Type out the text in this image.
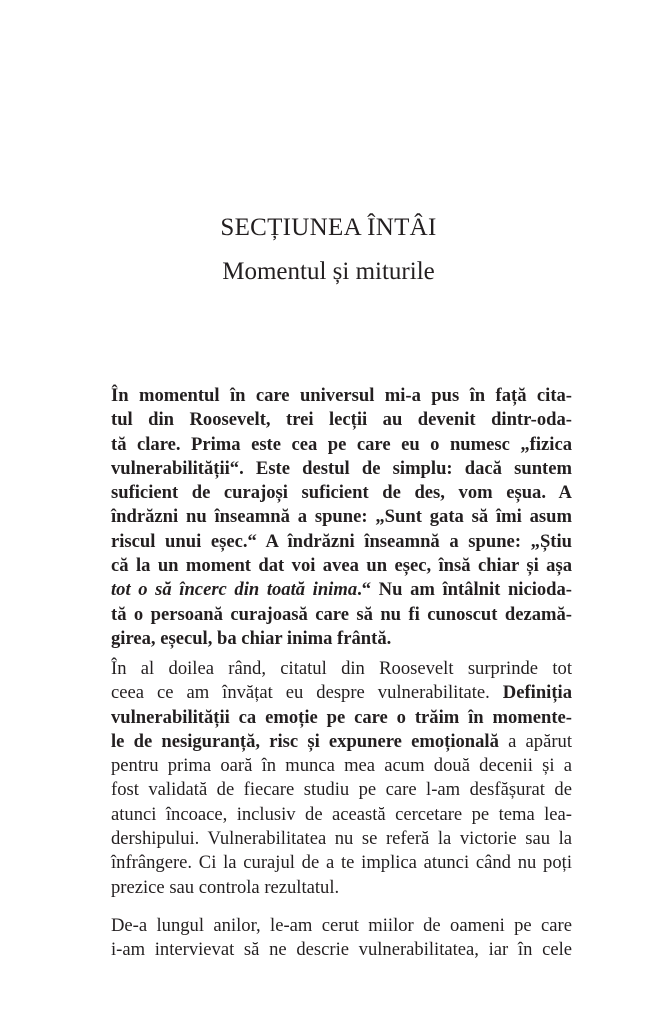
SECȚIUNEA ÎNTÂI
Momentul și miturile
În momentul în care universul mi-a pus în față cita-
tul din Roosevelt, trei lecții au devenit dintr-oda-
tă clare. Prima este cea pe care eu o numesc „fizica
vulnerabilității“. Este destul de simplu: dacă suntem
suficient de curajoși suficient de des, vom eșua. A
îndrăzni nu înseamnă a spune: „Sunt gata să îmi asum
riscul unui eșec.“ A îndrăzni înseamnă a spune: „Știu
că la un moment dat voi avea un eșec, însă chiar și așa
tot o să încerc din toată inima.“ Nu am întâlnit nicioda-
tă o persoană curajoasă care să nu fi cunoscut dezamă-
girea, eșecul, ba chiar inima frântă.
În al doilea rând, citatul din Roosevelt surprinde tot
ceea ce am învățat eu despre vulnerabilitate. Definiția
vulnerabilității ca emoție pe care o trăim în momente-
le de nesiguranță, risc și expunere emoțională a apărut
pentru prima oară în munca mea acum două decenii și a
fost validată de fiecare studiu pe care l-am desfășurat de
atunci încoace, inclusiv de această cercetare pe tema lea-
dershipului. Vulnerabilitatea nu se referă la victorie sau la
înfrângere. Ci la curajul de a te implica atunci când nu poți
prezice sau controla rezultatul.
De-a lungul anilor, le-am cerut miilor de oameni pe care
i-am intervievat să ne descrie vulnerabilitatea, iar în cele
